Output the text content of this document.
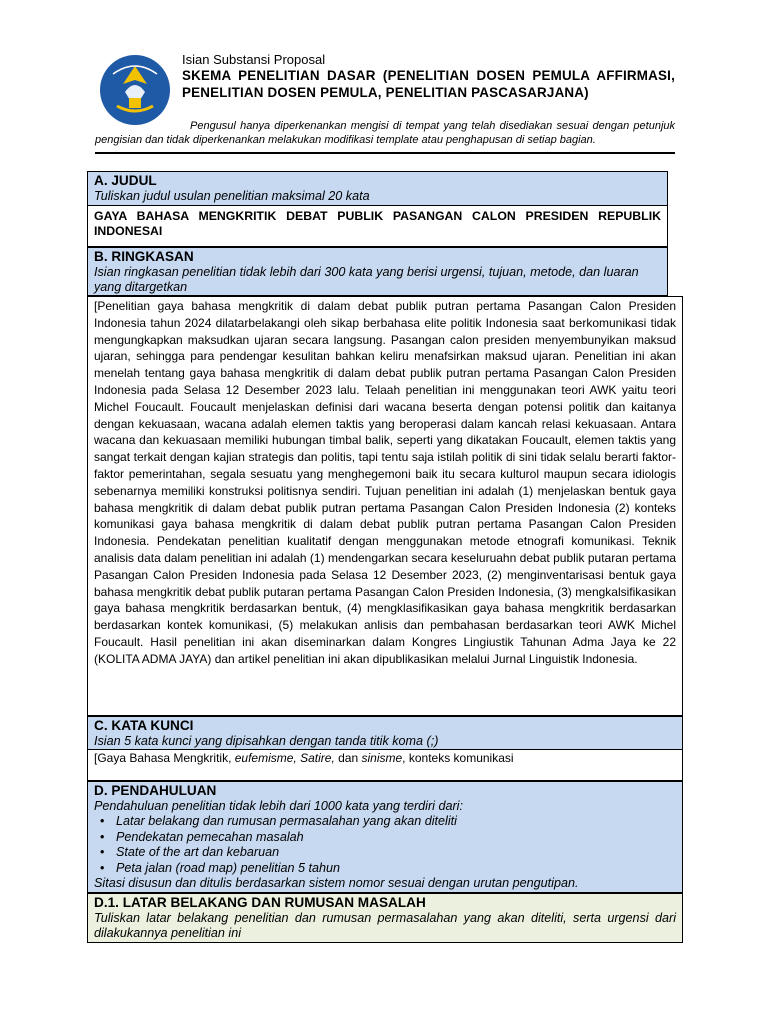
Isian Substansi Proposal
SKEMA PENELITIAN DASAR (PENELITIAN DOSEN PEMULA AFFIRMASI, PENELITIAN DOSEN PEMULA, PENELITIAN PASCASARJANA)
Pengusul hanya diperkenankan mengisi di tempat yang telah disediakan sesuai dengan petunjuk pengisian dan tidak diperkenankan melakukan modifikasi template atau penghapusan di setiap bagian.
A. JUDUL
Tuliskan judul usulan penelitian maksimal 20 kata
GAYA BAHASA MENGKRITIK DEBAT PUBLIK PASANGAN CALON PRESIDEN REPUBLIK INDONESAI
B. RINGKASAN
Isian ringkasan penelitian tidak lebih dari 300 kata yang berisi urgensi, tujuan, metode, dan luaran yang ditargetkan
[Penelitian gaya bahasa mengkritik di dalam debat publik putran pertama Pasangan Calon Presiden Indonesia tahun 2024 dilatarbelakangi oleh sikap berbahasa elite politik Indonesia saat berkomunikasi tidak mengungkapkan maksudkan ujaran secara langsung. Pasangan calon presiden menyembunyikan maksud ujaran, sehingga para pendengar kesulitan bahkan keliru menafsirkan maksud ujaran. Penelitian ini akan menelah tentang gaya bahasa mengkritik di dalam debat publik putran pertama Pasangan Calon Presiden Indonesia pada Selasa 12 Desember 2023 lalu. Telaah penelitian ini menggunakan teori AWK yaitu teori Michel Foucault. Foucault menjelaskan definisi dari wacana beserta dengan potensi politik dan kaitanya dengan kekuasaan, wacana adalah elemen taktis yang beroperasi dalam kancah relasi kekuasaan. Antara wacana dan kekuasaan memiliki hubungan timbal balik, seperti yang dikatakan Foucault, elemen taktis yang sangat terkait dengan kajian strategis dan politis, tapi tentu saja istilah politik di sini tidak selalu berarti faktor-faktor pemerintahan, segala sesuatu yang menghegemoni baik itu secara kulturol maupun secara idiologis sebenarnya memiliki konstruksi politisnya sendiri. Tujuan penelitian ini adalah (1) menjelaskan bentuk gaya bahasa mengkritik di dalam debat publik putran pertama Pasangan Calon Presiden Indonesia (2) konteks komunikasi gaya bahasa mengkritik di dalam debat publik putran pertama Pasangan Calon Presiden Indonesia. Pendekatan penelitian kualitatif dengan menggunakan metode etnografi komunikasi. Teknik analisis data dalam penelitian ini adalah (1) mendengarkan secara keseluruahn debat publik putaran pertama Pasangan Calon Presiden Indonesia pada Selasa 12 Desember 2023, (2) menginventarisasi bentuk gaya bahasa mengkritik debat publik putaran pertama Pasangan Calon Presiden Indonesia, (3) mengkalsifikasikan gaya bahasa mengkritik berdasarkan bentuk, (4) mengklasifikasikan gaya bahasa mengkritik berdasarkan berdasarkan kontek komunikasi, (5) melakukan anlisis dan pembahasan berdasarkan teori AWK Michel Foucault. Hasil penelitian ini akan diseminarkan dalam Kongres Lingiustik Tahunan Adma Jaya ke 22 (KOLITA ADMA JAYA) dan artikel penelitian ini akan dipublikasikan melalui Jurnal Linguistik Indonesia.
C. KATA KUNCI
Isian 5 kata kunci yang dipisahkan dengan tanda titik koma (;)
[Gaya Bahasa Mengkritik, eufemisme, Satire, dan sinisme, konteks komunikasi
D. PENDAHULUAN
Pendahuluan penelitian tidak lebih dari 1000 kata yang terdiri dari:
• Latar belakang dan rumusan permasalahan yang akan diteliti
• Pendekatan pemecahan masalah
• State of the art dan kebaruan
• Peta jalan (road map) penelitian 5 tahun
Sitasi disusun dan ditulis berdasarkan sistem nomor sesuai dengan urutan pengutipan.
D.1. LATAR BELAKANG DAN RUMUSAN MASALAH
Tuliskan latar belakang penelitian dan rumusan permasalahan yang akan diteliti, serta urgensi dari dilakukannya penelitian ini
